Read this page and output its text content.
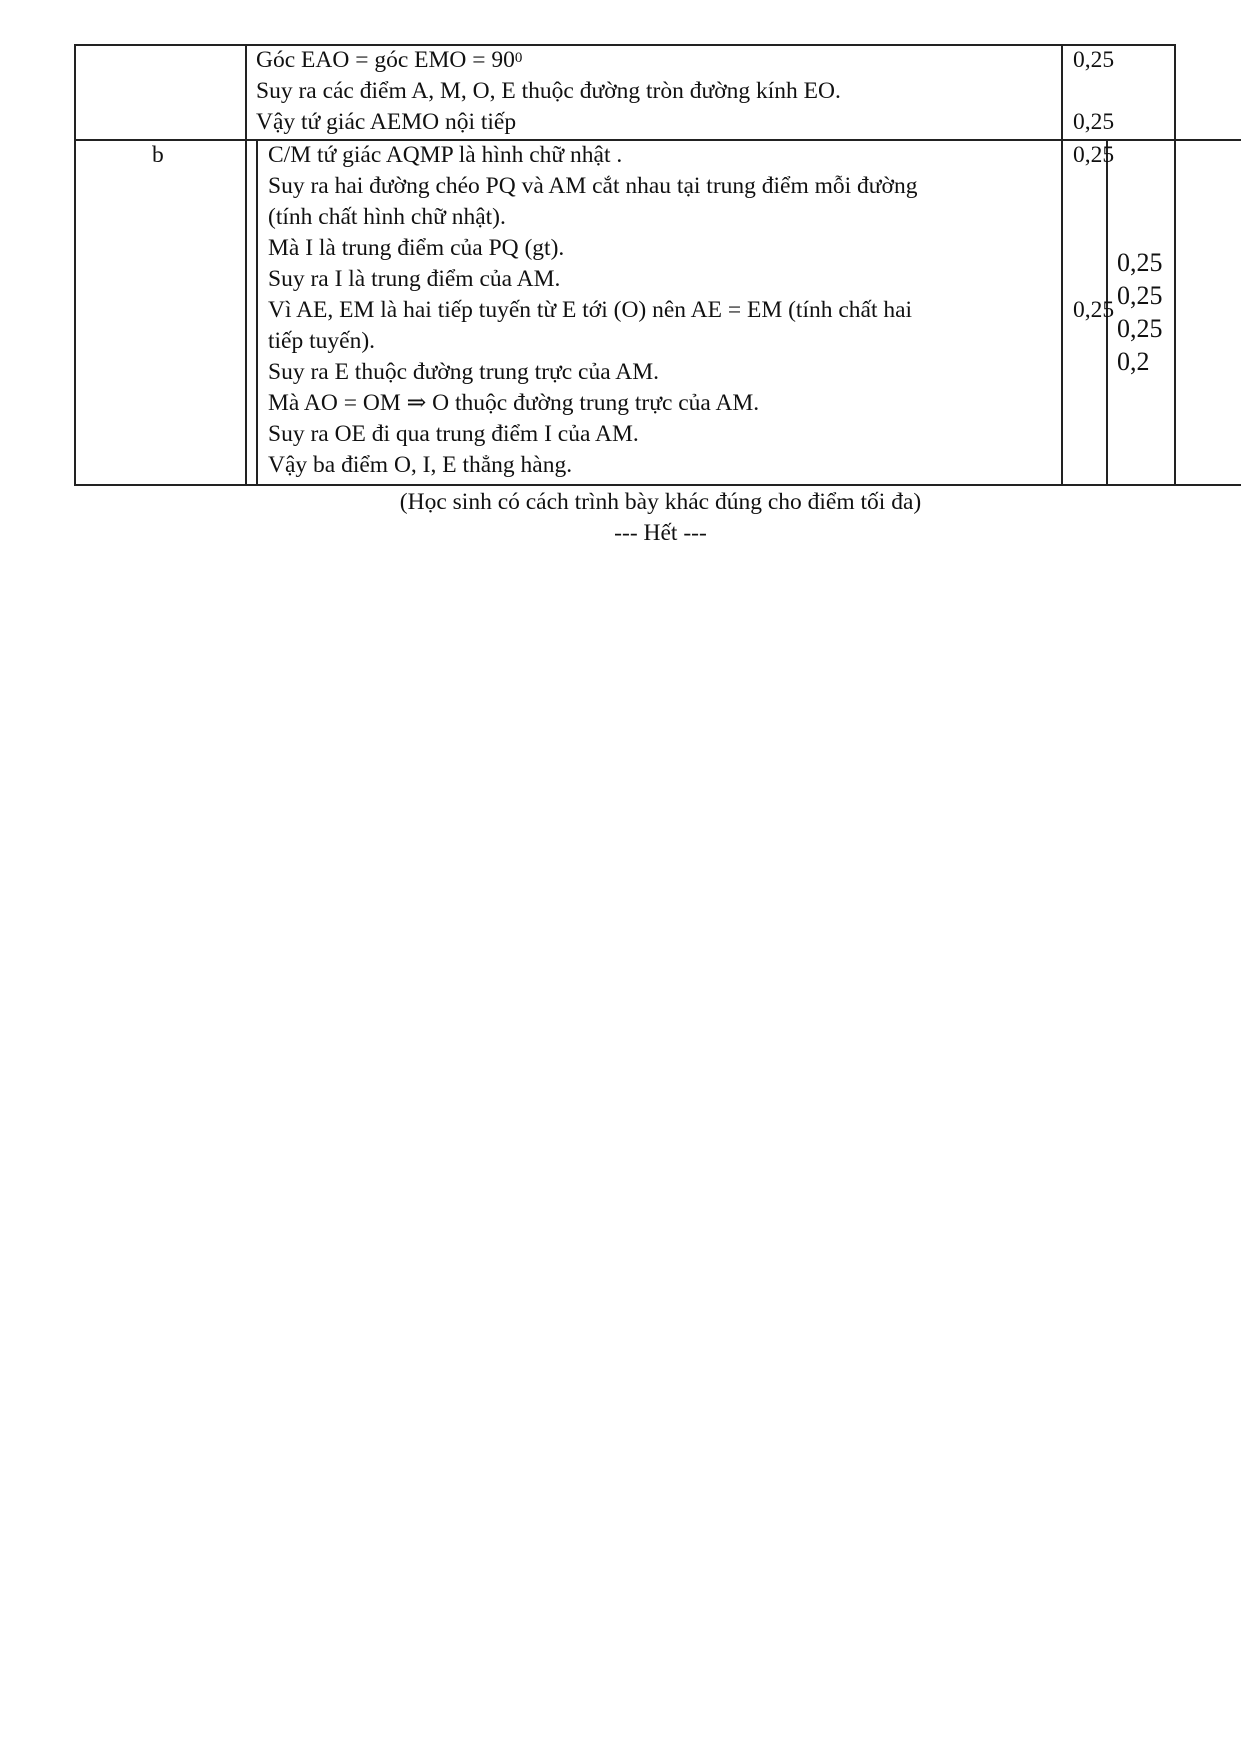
Góc EAO = góc EMO = $90^0$
Suy ra các điểm A, M, O, E thuộc đường tròn đường kính EO.
Vậy tứ giác AEMO nội tiếp
0,25
0,25
b	C/M tứ giác AQMP là hình chữ nhật .
Suy ra hai đường chéo PQ và AM cắt nhau tại trung điểm mỗi đường
(tính chất hình chữ nhật).
Mà I là trung điểm của PQ (gt).
Suy ra I là trung điểm của AM.
Vì AE, EM là hai tiếp tuyến từ E tới (O) nên AE = EM (tính chất hai
tiếp tuyến).
Suy ra E thuộc đường trung trực của AM.
Mà AO = OM ⇒ O thuộc đường trung trực của AM.
Suy ra OE đi qua trung điểm I của AM.
Vậy ba điểm O, I, E thẳng hàng.
0,25
0,25
0,25
0,25
0,25
0,2
(Học sinh có cách trình bày khác đúng cho điểm tối đa)
--- Hết ---
